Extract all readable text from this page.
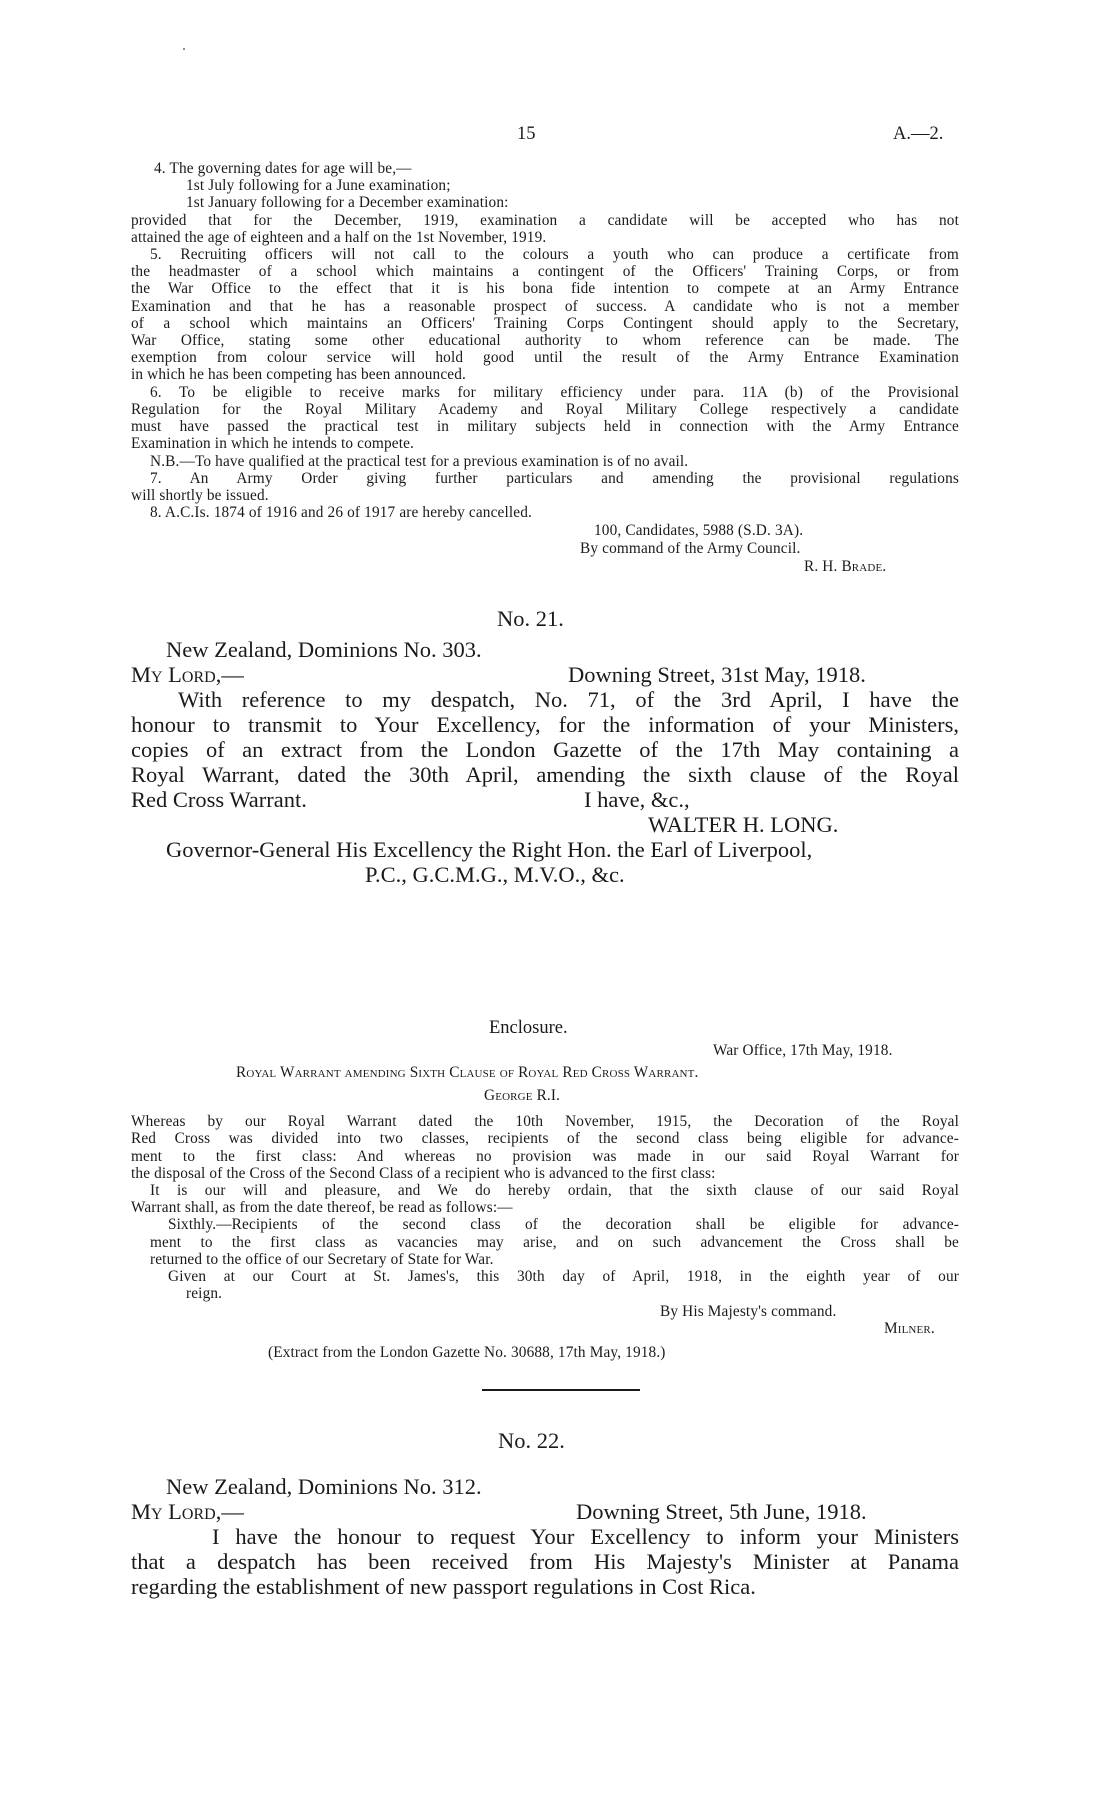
15	A.—2.
4. The governing dates for age will be,—
1st July following for a June examination;
1st January following for a December examination:
provided that for the December, 1919, examination a candidate will be accepted who has not
attained the age of eighteen and a half on the 1st November, 1919.
5. Recruiting officers will not call to the colours a youth who can produce a certificate from
the headmaster of a school which maintains a contingent of the Officers' Training Corps, or from
the War Office to the effect that it is his bona fide intention to compete at an Army Entrance
Examination and that he has a reasonable prospect of success. A candidate who is not a member
of a school which maintains an Officers' Training Corps Contingent should apply to the Secretary,
War Office, stating some other educational authority to whom reference can be made. The
exemption from colour service will hold good until the result of the Army Entrance Examination
in which he has been competing has been announced.
6. To be eligible to receive marks for military efficiency under para. 11A (b) of the Provisional
Regulation for the Royal Military Academy and Royal Military College respectively a candidate
must have passed the practical test in military subjects held in connection with the Army Entrance
Examination in which he intends to compete.
N.B.—To have qualified at the practical test for a previous examination is of no avail.
7. An Army Order giving further particulars and amending the provisional regulations
will shortly be issued.
8. A.C.Is. 1874 of 1916 and 26 of 1917 are hereby cancelled.
100, Candidates, 5988 (S.D. 3A).
By command of the Army Council.
R. H. Brade.
No. 21.
New Zealand, Dominions No. 303.
My Lord,—	Downing Street, 31st May, 1918.
With reference to my despatch, No. 71, of the 3rd April, I have the
honour to transmit to Your Excellency, for the information of your Ministers,
copies of an extract from the London Gazette of the 17th May containing a
Royal Warrant, dated the 30th April, amending the sixth clause of the Royal
Red Cross Warrant.	I have, &c.,
WALTER H. LONG.
Governor-General His Excellency the Right Hon. the Earl of Liverpool,
P.C., G.C.M.G., M.V.O., &c.
Enclosure.
War Office, 17th May, 1918.
Royal Warrant amending Sixth Clause of Royal Red Cross Warrant.
George R.I.
Whereas by our Royal Warrant dated the 10th November, 1915, the Decoration of the Royal
Red Cross was divided into two classes, recipients of the second class being eligible for advance-
ment to the first class: And whereas no provision was made in our said Royal Warrant for
the disposal of the Cross of the Second Class of a recipient who is advanced to the first class:
It is our will and pleasure, and We do hereby ordain, that the sixth clause of our said Royal
Warrant shall, as from the date thereof, be read as follows:—
Sixthly.—Recipients of the second class of the decoration shall be eligible for advance-
ment to the first class as vacancies may arise, and on such advancement the Cross shall be
returned to the office of our Secretary of State for War.
Given at our Court at St. James's, this 30th day of April, 1918, in the eighth year of our
reign.
By His Majesty's command.
Milner.
(Extract from the London Gazette No. 30688, 17th May, 1918.)
No. 22.
New Zealand, Dominions No. 312.
My Lord,—	Downing Street, 5th June, 1918.
I have the honour to request Your Excellency to inform your Ministers
that a despatch has been received from His Majesty's Minister at Panama
regarding the establishment of new passport regulations in Cost Rica.
